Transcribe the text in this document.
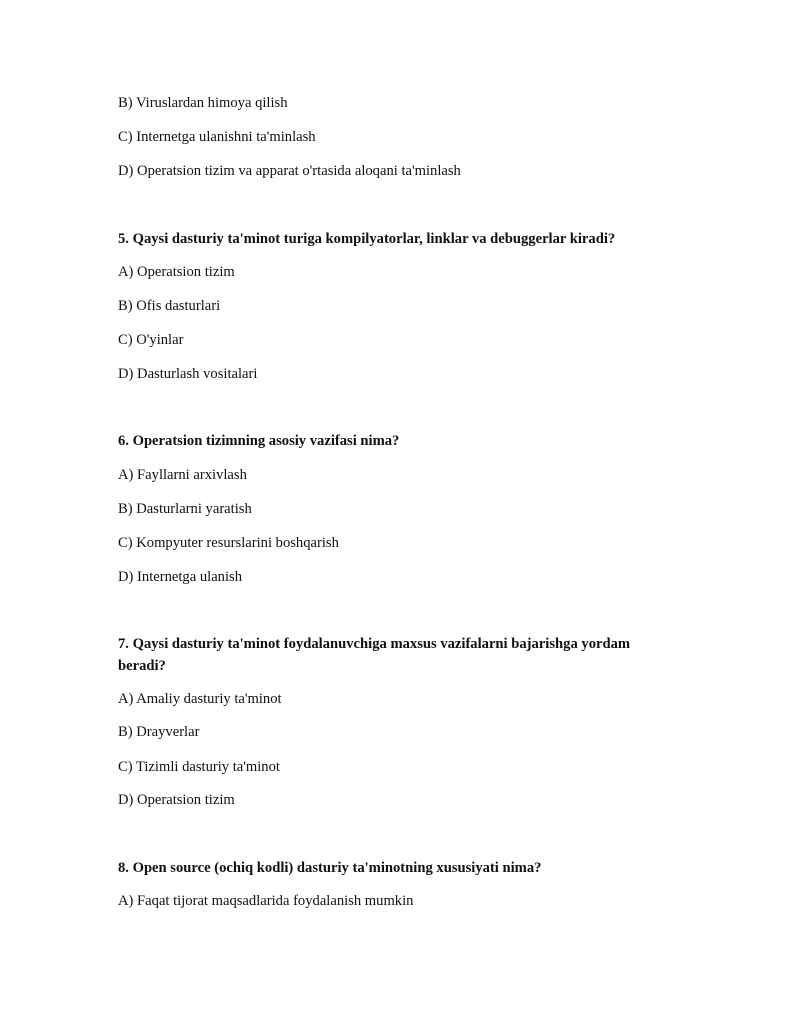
B) Viruslardan himoya qilish
C) Internetga ulanishni ta'minlash
D) Operatsion tizim va apparat o'rtasida aloqani ta'minlash
5. Qaysi dasturiy ta'minot turiga kompilyatorlar, linklar va debuggerlar kiradi?
A) Operatsion tizim
B) Ofis dasturlari
C) O'yinlar
D) Dasturlash vositalari
6. Operatsion tizimning asosiy vazifasi nima?
A) Fayllarni arxivlash
B) Dasturlarni yaratish
C) Kompyuter resurslarini boshqarish
D) Internetga ulanish
7. Qaysi dasturiy ta'minot foydalanuvchiga maxsus vazifalarni bajarishga yordam beradi?
A) Amaliy dasturiy ta'minot
B) Drayverlar
C) Tizimli dasturiy ta'minot
D) Operatsion tizim
8. Open source (ochiq kodli) dasturiy ta'minotning xususiyati nima?
A) Faqat tijorat maqsadlarida foydalanish mumkin
